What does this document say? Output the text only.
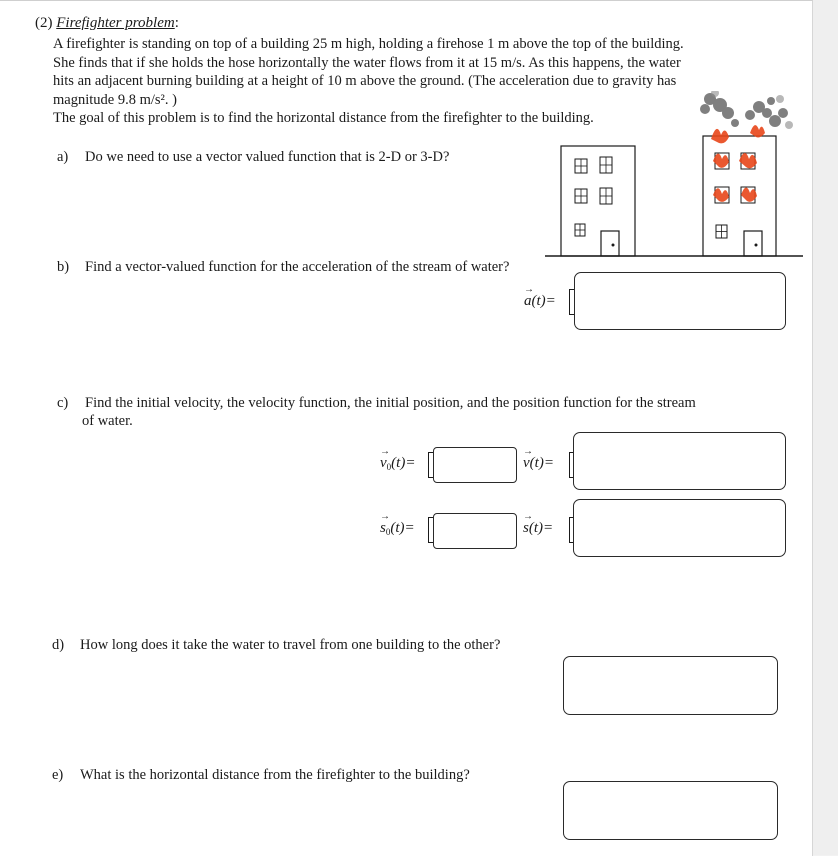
(2) Firefighter problem:
A firefighter is standing on top of a building 25 m high, holding a firehose 1 m above the top of the building.
She finds that if she holds the hose horizontally the water flows from it at 15 m/s. As this happens, the water
hits an adjacent burning building at a height of 10 m above the ground. (The acceleration due to gravity has
magnitude 9.8 m/s². )
The goal of this problem is to find the horizontal distance from the firefighter to the building.
a) Do we need to use a vector valued function that is 2-D or 3-D?
b) Find a vector-valued function for the acceleration of the stream of water?
→
a(t)=
c) Find the initial velocity, the velocity function, the initial position, and the position function for the stream
of water.
→
$v_0(t)=$
→
v(t)=
→
$s_0(t)=$
→
s(t)=
d) How long does it take the water to travel from one building to the other?
e) What is the horizontal distance from the firefighter to the building?
